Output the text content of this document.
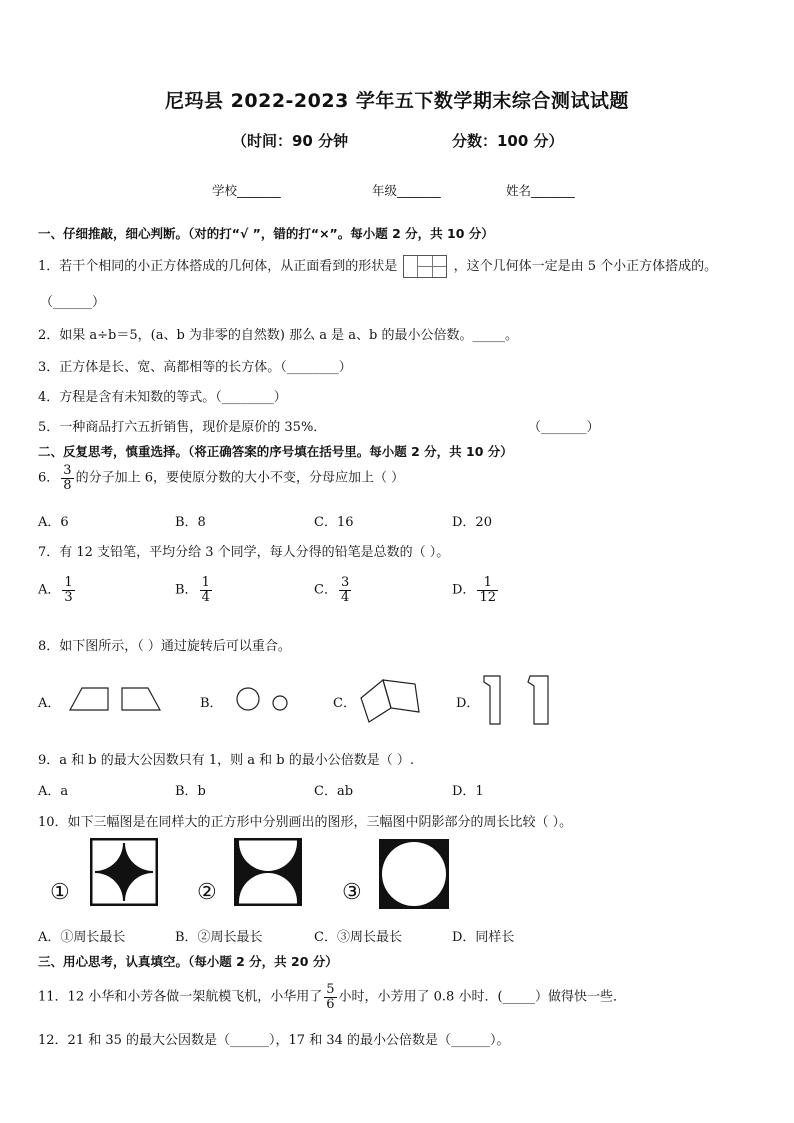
尼玛县 2022-2023 学年五下数学期末综合测试试题
（时间：90 分钟	分数：100 分）
学校_______	年级_______	姓名_______
一、仔细推敲，细心判断。（对的打“√ ”，错的打“×”。每小题 2 分，共 10 分）
1．若干个相同的小正方体搭成的几何体，从正面看到的形状是	，这个几何体一定是由 5 个小正方体搭成的。
（______）
2．如果 a÷b＝5，(a、b 为非零的自然数) 那么 a 是 a、b 的最小公倍数。_____。
3．正方体是长、宽、高都相等的长方体。（________）
4．方程是含有未知数的等式。（________）
5．一种商品打六五折销售，现价是原价的 35%．	（_______）
二、反复思考，慎重选择。（将正确答案的序号填在括号里。每小题 2 分，共 10 分）
6． $\frac{3}{8}$ 的分子加上 6，要使原分数的大小不变，分母应加上（ ）
A．6	B．8	C．16	D．20
7．有 12 支铅笔，平均分给 3 个同学，每人分得的铅笔是总数的（ ）。
A． $\frac{1}{3}$	B． $\frac{1}{4}$	C． $\frac{3}{4}$	D． $\frac{1}{12}$
8．如下图所示，（ ）通过旋转后可以重合。
A．	B．	C．	D．
9．a 和 b 的最大公因数只有 1，则 a 和 b 的最小公倍数是（ ）.
A．a	B．b	C．ab	D．1
10．如下三幅图是在同样大的正方形中分别画出的图形，三幅图中阴影部分的周长比较（ ）。
①	②	③
A．①周长最长	B．②周长最长	C．③周长最长	D．同样长
三、用心思考，认真填空。（每小题 2 分，共 20 分）
11．12 小华和小芳各做一架航模飞机，小华用了 $\frac{5}{6}$ 小时，小芳用了 0.8 小时．(_____）做得快一些．
12．21 和 35 的最大公因数是（______），17 和 34 的最小公倍数是（______）。
